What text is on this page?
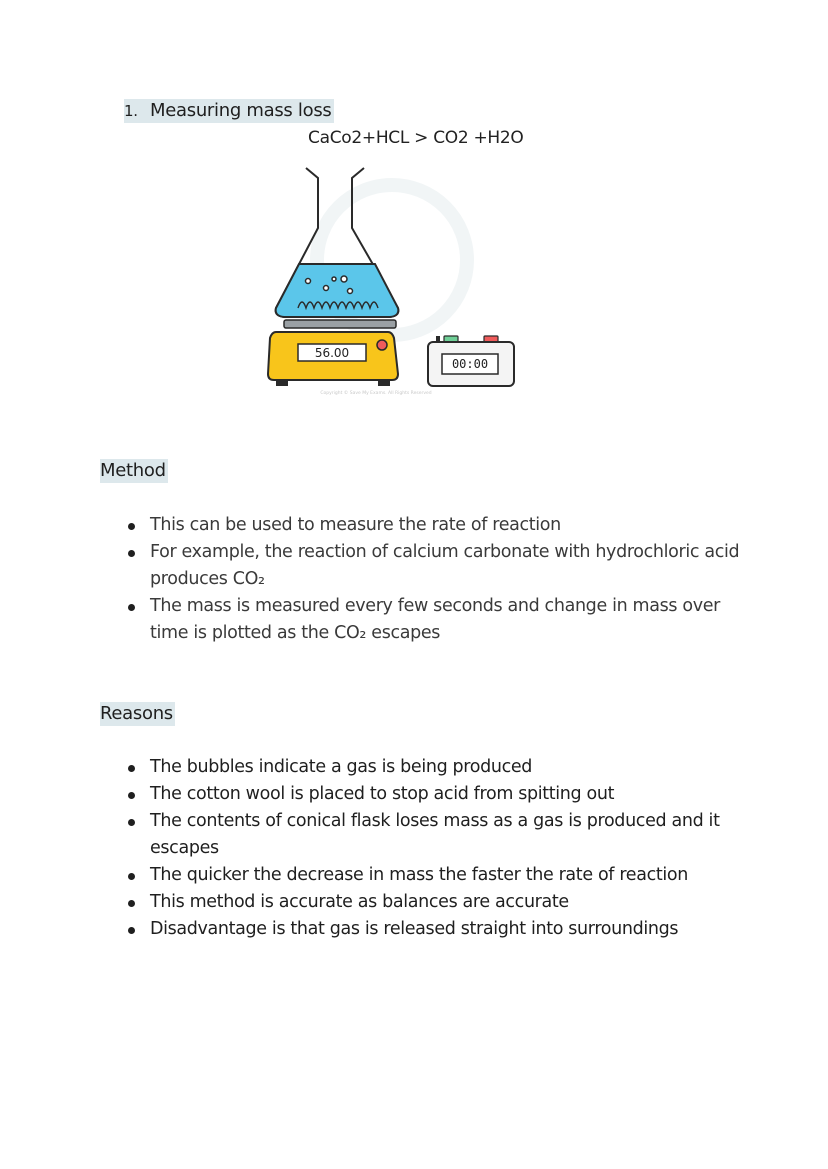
1. Measuring mass loss
CaCo2+HCL > CO2 +H2O
56.00
00:00
Copyright © Save My Exams. All Rights Reserved
Method
This can be used to measure the rate of reaction
For example, the reaction of calcium carbonate with hydrochloric acid produces CO₂
The mass is measured every few seconds and change in mass over time is plotted as the CO₂ escapes
Reasons
The bubbles indicate a gas is being produced
The cotton wool is placed to stop acid from spitting out
The contents of conical flask loses mass as a gas is produced and it escapes
The quicker the decrease in mass the faster the rate of reaction
This method is accurate as balances are accurate
Disadvantage is that gas is released straight into surroundings
